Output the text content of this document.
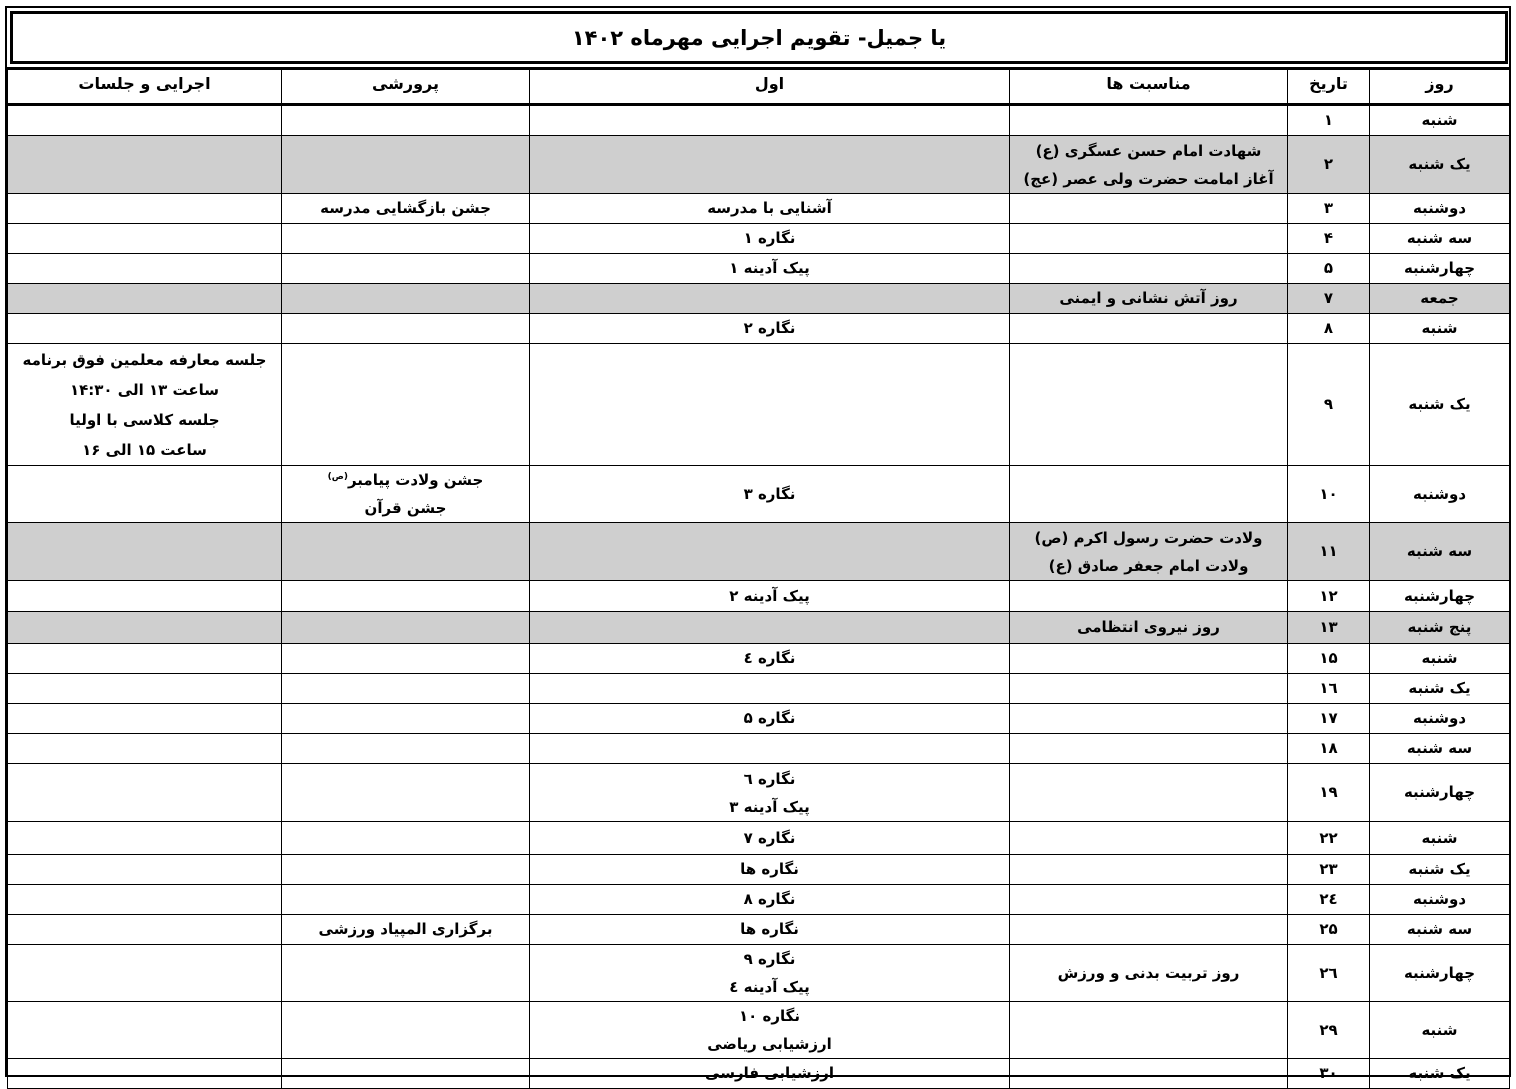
یا جمیل- تقویم اجرایی مهرماه ۱۴۰۲
روز	تاریخ	مناسبت ها	اول	پرورشی	اجرایی و جلسات
شنبه	۱				
یک شنبه	۲	شهادت امام حسن عسگری (ع)
آغاز امامت حضرت ولی عصر (عج)			

دوشنبه	۳		آشنایی با مدرسه	جشن بازگشایی مدرسه	

سه شنبه	۴		نگاره ۱		

چهارشنبه	۵		پیک آدینه ۱		

جمعه	۷	روز آتش نشانی و ایمنی			

شنبه	۸		نگاره ۲		

یک شنبه	۹				جلسه معارفه معلمین فوق برنامه
ساعت ۱۳ الی ۱۴:۳۰
جلسه کلاسی با اولیا
ساعت ۱۵ الی ۱۶

دوشنبه	۱۰		نگاره ۳	جشن ولادت پیامبر$^{(ص)}$
جشن قرآن	

سه شنبه	۱۱	ولادت حضرت رسول اکرم (ص)
ولادت امام جعفر صادق (ع)			

چهارشنبه	۱۲		پیک آدینه ۲		

پنج شنبه	۱۳	روز نیروی انتظامی			

شنبه	۱۵		نگاره ٤		

یک شنبه	۱٦				
دوشنبه	۱۷		نگاره ۵		

سه شنبه	۱۸				
چهارشنبه	۱۹		نگاره ٦
پیک آدینه ۳		

شنبه	۲۲		نگاره ۷		

یک شنبه	۲۳		نگاره ها		

دوشنبه	۲٤		نگاره ۸		

سه شنبه	۲۵		نگاره ها	برگزاری المپیاد ورزشی	

چهارشنبه	۲٦	روز تربیت بدنی و ورزش	نگاره ۹
پیک آدینه ٤		

شنبه	۲۹		نگاره ۱۰
ارزشیابی ریاضی		

یک شنبه	۳۰		ارزشیابی فارسی		
